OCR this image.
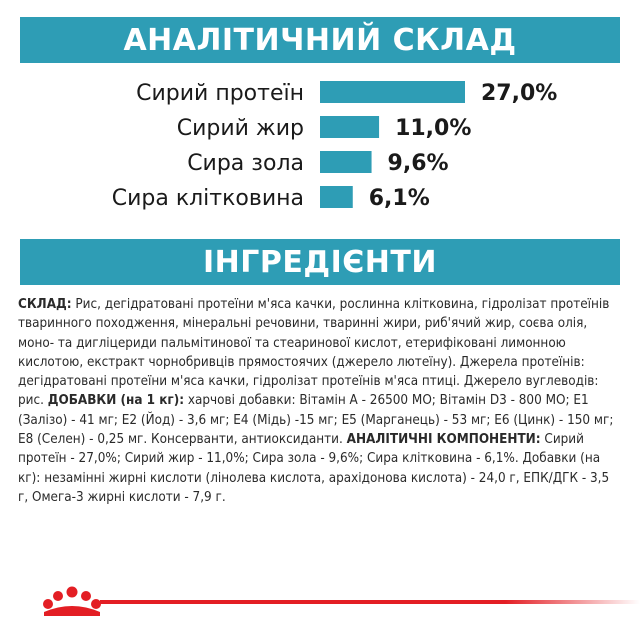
АНАЛІТИЧНИЙ СКЛАД
Сирий протеїн	27,0%
Сирий жир	11,0%
Сира зола	9,6%
Сира клітковина	6,1%
ІНГРЕДІЄНТИ
СКЛАД: Рис, дегідратовані протеїни м'яса качки, рослинна клітковина, гідролізат протеїнів тваринного походження, мінеральні речовини, тваринні жири, риб'ячий жир, соєва олія, моно- та дигліцериди пальмітинової та стеаринової кислот, етерифіковані лимонною кислотою, екстракт чорнобривців прямостоячих (джерело лютеїну). Джерела протеїнів: дегідратовані протеїни м'яса качки, гідролізат протеїнів м'яса птиці. Джерело вуглеводів: рис. ДОБАВКИ (на 1 кг): харчові добавки: Вітамін А - 26500 МО; Вітамін D3 - 800 МО; Е1 (Залізо) - 41 мг; Е2 (Йод) - 3,6 мг; Е4 (Мідь) -15 мг; Е5 (Марганець) - 53 мг; Е6 (Цинк) - 150 мг; Е8 (Селен) - 0,25 мг. Консерванти, антиоксиданти. АНАЛІТИЧНІ КОМПОНЕНТИ: Сирий протеїн - 27,0%; Сирий жир - 11,0%; Сира зола - 9,6%; Сира клітковина - 6,1%. Добавки (на кг): незамінні жирні кислоти (лінолева кислота, арахідонова кислота) - 24,0 г, ЕПК/ДГК - 3,5 г, Омега-3 жирні кислоти - 7,9 г.
